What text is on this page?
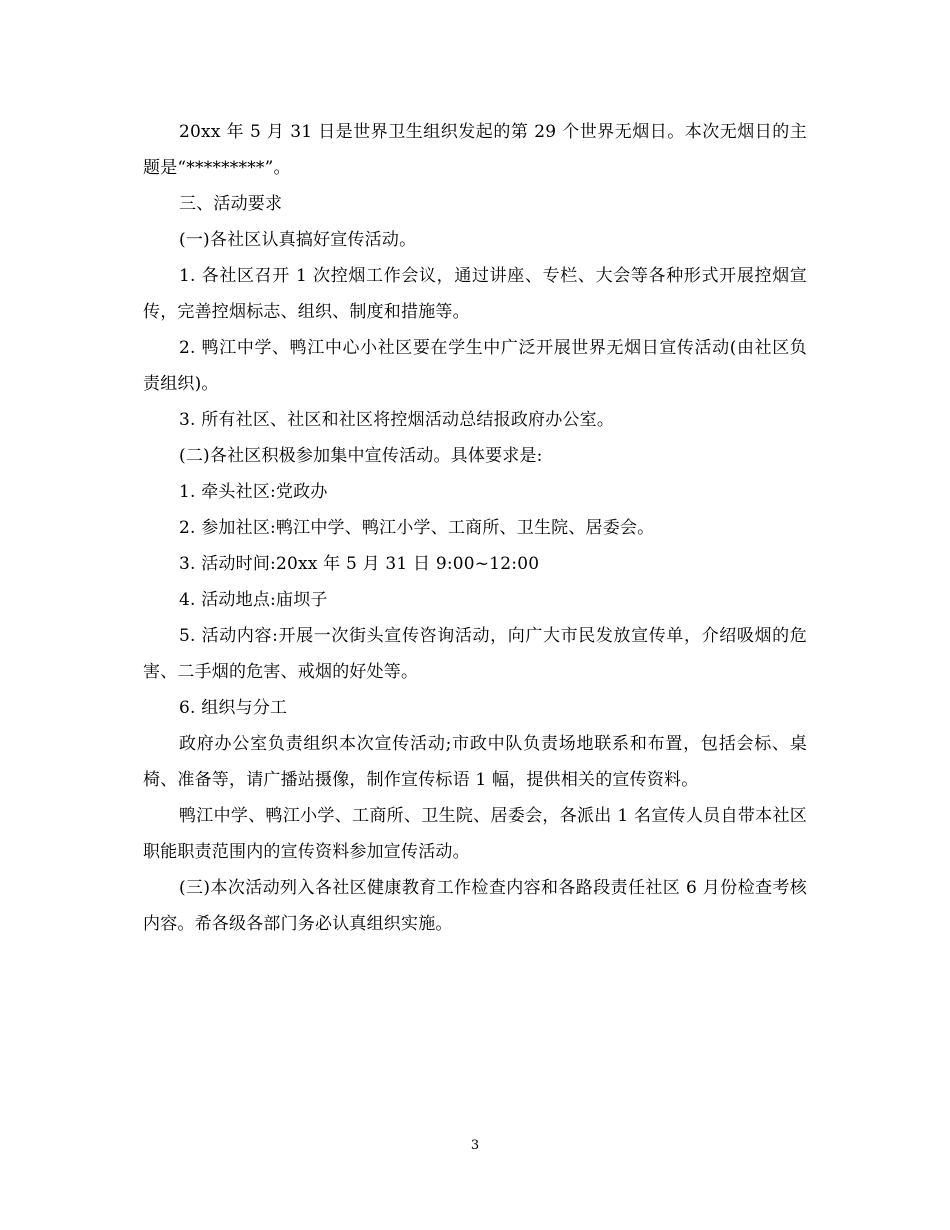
20xx 年 5 月 31 日是世界卫生组织发起的第 29 个世界无烟日。本次无烟日的主题是“*********”。

三、活动要求

(一)各社区认真搞好宣传活动。

1. 各社区召开 1 次控烟工作会议，通过讲座、专栏、大会等各种形式开展控烟宣传，完善控烟标志、组织、制度和措施等。

2. 鸭江中学、鸭江中心小社区要在学生中广泛开展世界无烟日宣传活动(由社区负责组织)。

3. 所有社区、社区和社区将控烟活动总结报政府办公室。

(二)各社区积极参加集中宣传活动。具体要求是:

1. 牵头社区:党政办

2. 参加社区:鸭江中学、鸭江小学、工商所、卫生院、居委会。

3. 活动时间:20xx 年 5 月 31 日 9:00~12:00

4. 活动地点:庙坝子

5. 活动内容:开展一次街头宣传咨询活动，向广大市民发放宣传单，介绍吸烟的危害、二手烟的危害、戒烟的好处等。

6. 组织与分工

政府办公室负责组织本次宣传活动;市政中队负责场地联系和布置，包括会标、桌椅、准备等，请广播站摄像，制作宣传标语 1 幅，提供相关的宣传资料。

鸭江中学、鸭江小学、工商所、卫生院、居委会，各派出 1 名宣传人员自带本社区职能职责范围内的宣传资料参加宣传活动。

(三)本次活动列入各社区健康教育工作检查内容和各路段责任社区 6 月份检查考核内容。希各级各部门务必认真组织实施。

3
